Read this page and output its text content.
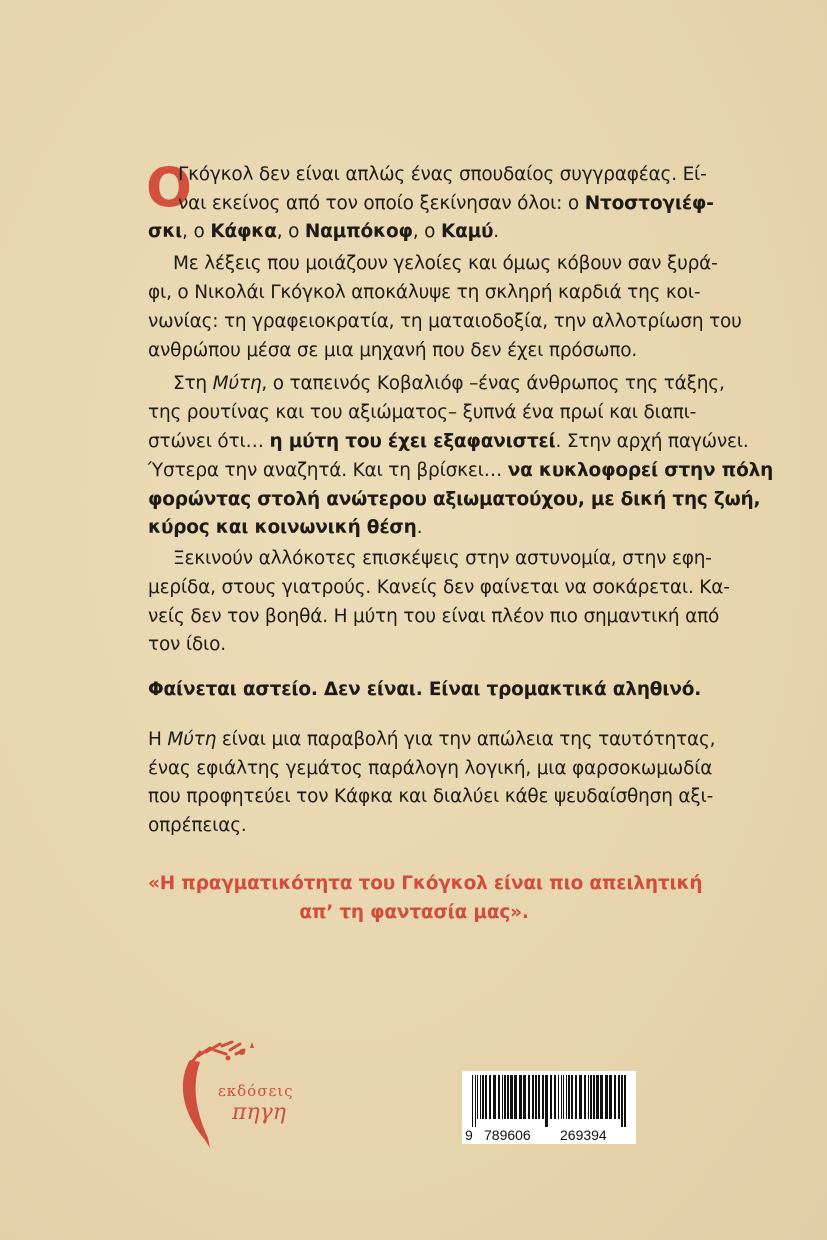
Ο
Γκόγκολ δεν είναι απλώς ένας σπουδαίος συγγραφέας. Εί-
ναι εκείνος από τον οποίο ξεκίνησαν όλοι: ο Ντοστογιέφ-
σκι, ο Κάφκα, ο Ναμπόκοφ, ο Καμύ.
Με λέξεις που μοιάζουν γελοίες και όμως κόβουν σαν ξυρά-
φι, ο Νικολάι Γκόγκολ αποκάλυψε τη σκληρή καρδιά της κοι-
νωνίας: τη γραφειοκρατία, τη ματαιοδοξία, την αλλοτρίωση του
ανθρώπου μέσα σε μια μηχανή που δεν έχει πρόσωπο.
Στη Μύτη, ο ταπεινός Κοβαλιόφ –ένας άνθρωπος της τάξης,
της ρουτίνας και του αξιώματος– ξυπνά ένα πρωί και διαπι-
στώνει ότι… η μύτη του έχει εξαφανιστεί. Στην αρχή παγώνει.
Ύστερα την αναζητά. Και τη βρίσκει… να κυκλοφορεί στην πόλη
φορώντας στολή ανώτερου αξιωματούχου, με δική της ζωή,
κύρος και κοινωνική θέση.
Ξεκινούν αλλόκοτες επισκέψεις στην αστυνομία, στην εφη-
μερίδα, στους γιατρούς. Κανείς δεν φαίνεται να σοκάρεται. Κα-
νείς δεν τον βοηθά. Η μύτη του είναι πλέον πιο σημαντική από
τον ίδιο.
Φαίνεται αστείο. Δεν είναι. Είναι τρομακτικά αληθινό.
Η Μύτη είναι μια παραβολή για την απώλεια της ταυτότητας,
ένας εφιάλτης γεμάτος παράλογη λογική, μια φαρσοκωμωδία
που προφητεύει τον Κάφκα και διαλύει κάθε ψευδαίσθηση αξι-
οπρέπειας.
«Η πραγματικότητα του Γκόγκολ είναι πιο απειλητική
απ’ τη φαντασία μας».
εκδόσεις
πηγη
9 789606 269394
